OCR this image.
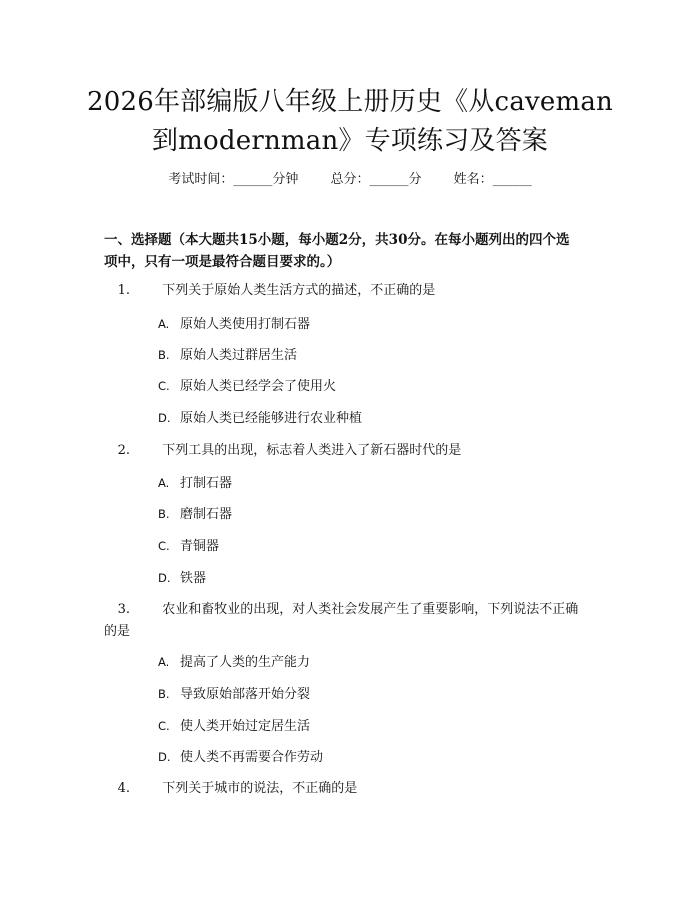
2026年部编版八年级上册历史《从caveman
到modernman》专项练习及答案
考试时间：______分钟 总分：______分 姓名：______
一、选择题（本大题共15小题，每小题2分，共30分。在每小题列出的四个选
项中，只有一项是最符合题目要求的。）
1. 下列关于原始人类生活方式的描述，不正确的是
A. 原始人类使用打制石器
B. 原始人类过群居生活
C. 原始人类已经学会了使用火
D. 原始人类已经能够进行农业种植
2. 下列工具的出现，标志着人类进入了新石器时代的是
A. 打制石器
B. 磨制石器
C. 青铜器
D. 铁器
3. 农业和畜牧业的出现，对人类社会发展产生了重要影响，下列说法不正确
的是
A. 提高了人类的生产能力
B. 导致原始部落开始分裂
C. 使人类开始过定居生活
D. 使人类不再需要合作劳动
4. 下列关于城市的说法，不正确的是
